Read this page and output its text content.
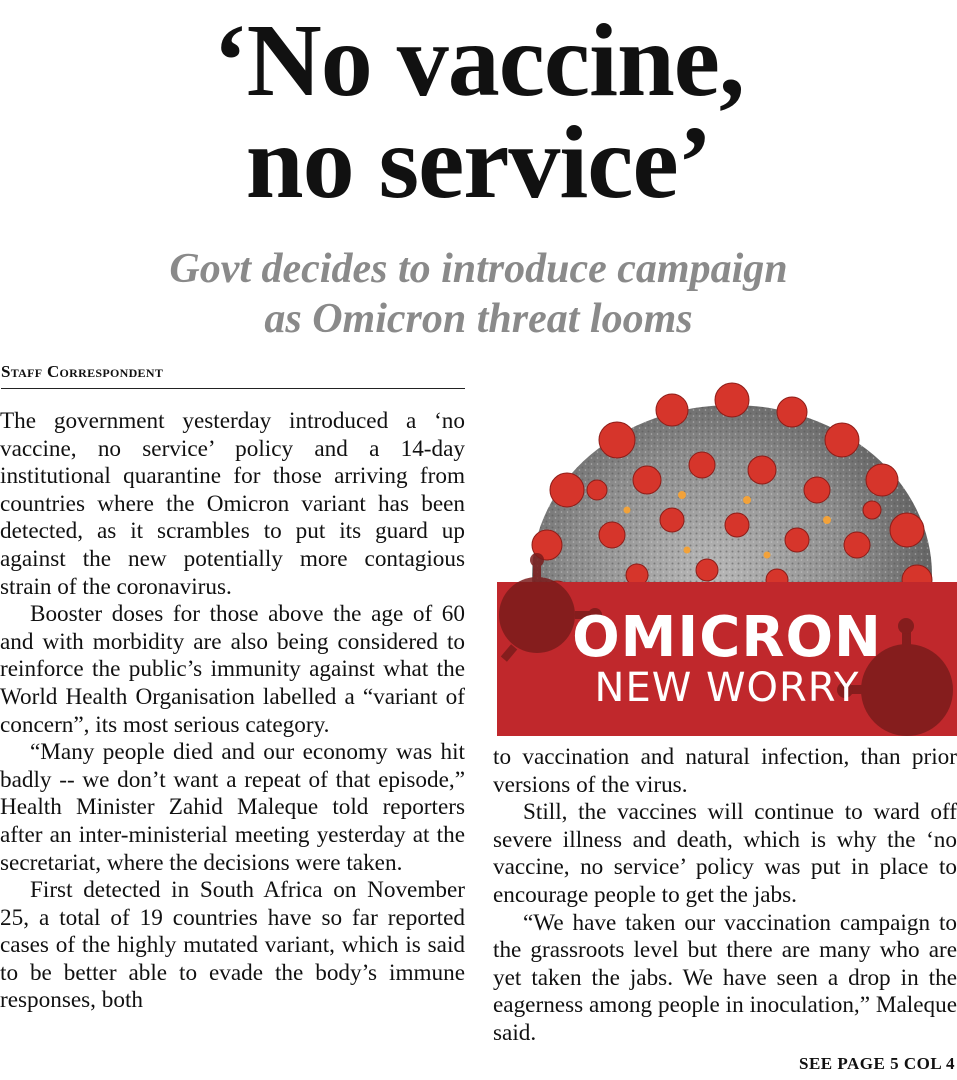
‘No vaccine,
no service’
Govt decides to introduce campaign
as Omicron threat looms
Staff Correspondent

The government yesterday introduced a ‘no vaccine, no service’ policy and a 14-day institutional quarantine for those arriving from countries where the Omicron variant has been detected, as it scrambles to put its guard up against the new potentially more contagious strain of the coronavirus.

Booster doses for those above the age of 60 and with morbidity are also being considered to reinforce the public’s immunity against what the World Health Organisation labelled a “variant of concern”, its most serious category.

“Many people died and our economy was hit badly -- we don’t want a repeat of that episode,” Health Minister Zahid Maleque told reporters after an inter-ministerial meeting yesterday at the secretariat, where the decisions were taken.

First detected in South Africa on November 25, a total of 19 countries have so far reported cases of the highly mutated variant, which is said to be better able to evade the body’s immune responses, both

OMICRON
NEW WORRY

to vaccination and natural infection, than prior versions of the virus.

Still, the vaccines will continue to ward off severe illness and death, which is why the ‘no vaccine, no service’ policy was put in place to encourage people to get the jabs.

“We have taken our vaccination campaign to the grassroots level but there are many who are yet taken the jabs. We have seen a drop in the eagerness among people in inoculation,” Maleque said.

SEE PAGE 5 COL 4
